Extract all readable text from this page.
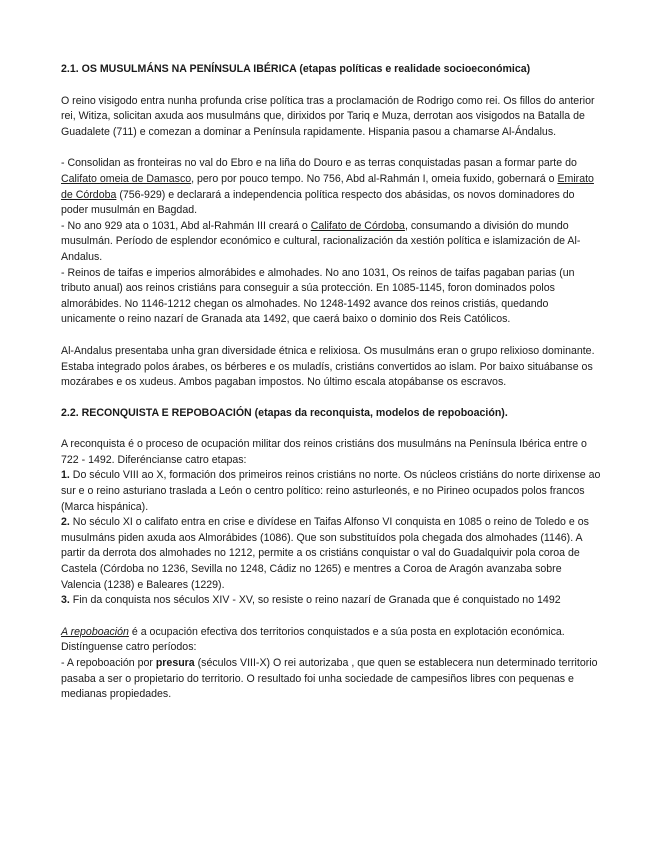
2.1. OS MUSULMÁNS NA PENÍNSULA IBÉRICA (etapas políticas e realidade socioeconómica)

O reino visigodo entra nunha profunda crise política tras a proclamación de Rodrigo como rei. Os fillos do anterior rei, Witiza, solicitan axuda aos musulmáns que, dirixidos por Tariq e Muza, derrotan aos visigodos na Batalla de Guadalete (711) e comezan a dominar a Península rapidamente. Hispania pasou a chamarse Al-Ándalus.

- Consolidan as fronteiras no val do Ebro e na liña do Douro e as terras conquistadas pasan a formar parte do Califato omeia de Damasco, pero por pouco tempo. No 756, Abd al-Rahmán I, omeia fuxido, gobernará o Emirato de Córdoba (756-929) e declarará a independencia política respecto dos abásidas, os novos dominadores do poder musulmán en Bagdad.

- No ano 929 ata o 1031, Abd al-Rahmán III creará o Califato de Córdoba, consumando a división do mundo musulmán. Período de esplendor económico e cultural, racionalización da xestión política e islamización de Al-Andalus.

- Reinos de taifas e imperios almorábides e almohades. No ano 1031, Os reinos de taifas pagaban parias (un tributo anual) aos reinos cristiáns para conseguir a súa protección. En 1085-1145, foron dominados polos almorábides. No 1146-1212 chegan os almohades. No 1248-1492 avance dos reinos cristiás, quedando unicamente o reino nazarí de Granada ata 1492, que caerá baixo o dominio dos Reis Católicos.

Al-Andalus presentaba unha gran diversidade étnica e relixiosa. Os musulmáns eran o grupo relixioso dominante. Estaba integrado polos árabes, os bérberes e os muladís, cristiáns convertidos ao islam. Por baixo situábanse os mozárabes e os xudeus. Ambos pagaban impostos. No último escala atopábanse os escravos.

2.2. RECONQUISTA E REPOBOACIÓN (etapas da reconquista, modelos de repoboación).

A reconquista é o proceso de ocupación militar dos reinos cristiáns dos musulmáns na Península Ibérica entre o 722 - 1492. Diferéncianse catro etapas:

1. Do século VIII ao X, formación dos primeiros reinos cristiáns no norte. Os núcleos cristiáns do norte dirixense ao sur e o reino asturiano trasladа a León o centro político: reino asturleonés, e no Pirineo ocupados polos francos (Marca hispánica).

2. No século XI o califato entra en crise e divídese en Taifas Alfonso VI conquista en 1085 o reino de Toledo e os musulmáns piden axuda aos Almorábides (1086). Que son substituídos pola chegada dos almohades (1146). A partir da derrota dos almohades no 1212, permite a os cristiáns conquistar o val do Guadalquivir pola coroa de Castela (Córdoba no 1236, Sevilla no 1248, Cádiz no 1265) e mentres a Coroa de Aragón avanzaba sobre Valencia (1238) e Baleares (1229).

3. Fin da conquista nos séculos XIV - XV, so resiste o reino nazarí de Granada que é conquistado no 1492

A repoboación é a ocupación efectiva dos territorios conquistados e a súa posta en explotación económica. Distínguense catro períodos:

- A repoboación por presura (séculos VIII-X) O rei autorizaba , que quen se establecera nun determinado territorio pasaba a ser o propietario do territorio. O resultado foi unha sociedade de campesiños libres con pequenas e medianas propiedades.
